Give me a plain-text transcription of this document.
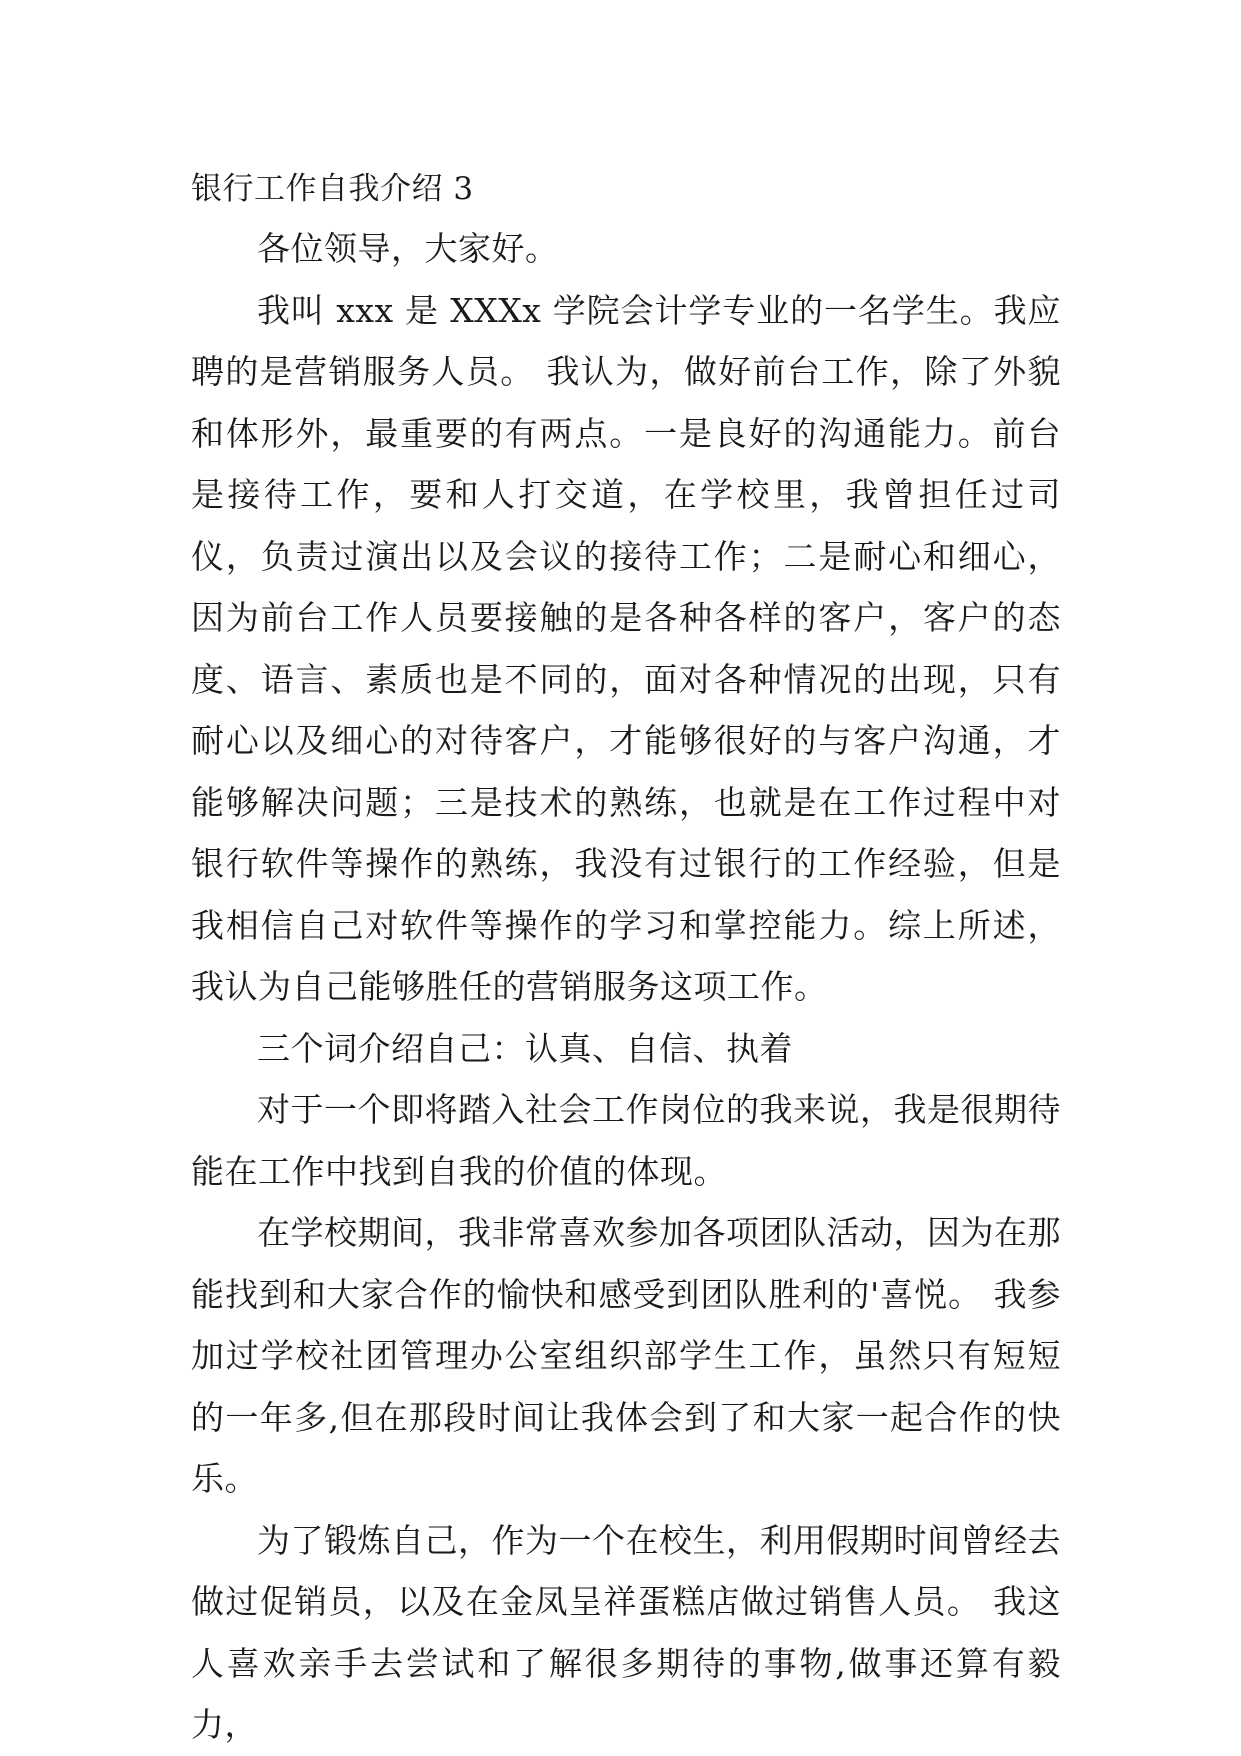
银行工作自我介绍 3

各位领导，大家好。

我叫 xxx 是 XXXx 学院会计学专业的一名学生。我应聘的是营销服务人员。 我认为，做好前台工作，除了外貌和体形外，最重要的有两点。一是良好的沟通能力。前台是接待工作，要和人打交道，在学校里，我曾担任过司仪，负责过演出以及会议的接待工作；二是耐心和细心，因为前台工作人员要接触的是各种各样的客户，客户的态度、语言、素质也是不同的，面对各种情况的出现，只有耐心以及细心的对待客户，才能够很好的与客户沟通，才能够解决问题；三是技术的熟练，也就是在工作过程中对银行软件等操作的熟练，我没有过银行的工作经验，但是我相信自己对软件等操作的学习和掌控能力。综上所述，我认为自己能够胜任的营销服务这项工作。

三个词介绍自己：认真、自信、执着

对于一个即将踏入社会工作岗位的我来说，我是很期待能在工作中找到自我的价值的体现。

在学校期间，我非常喜欢参加各项团队活动，因为在那能找到和大家合作的愉快和感受到团队胜利的'喜悦。 我参加过学校社团管理办公室组织部学生工作，虽然只有短短的一年多,但在那段时间让我体会到了和大家一起合作的快乐。

为了锻炼自己，作为一个在校生，利用假期时间曾经去做过促销员，以及在金凤呈祥蛋糕店做过销售人员。 我这人喜欢亲手去尝试和了解很多期待的事物,做事还算有毅力，
